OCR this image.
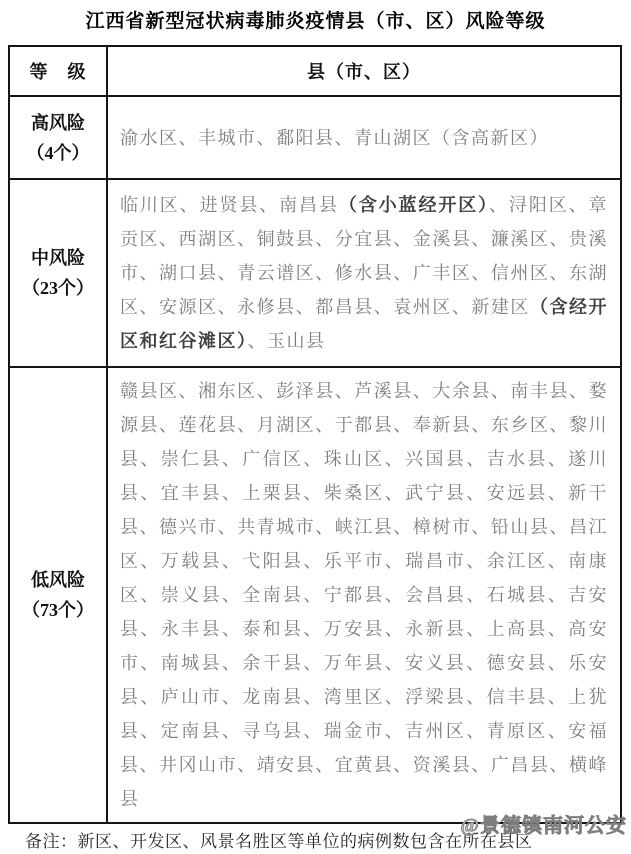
江西省新型冠状病毒肺炎疫情县（市、区）风险等级
等　级	县（市、区）

高风险
（4个）	渝水区、丰城市、鄱阳县、青山湖区（含高新区）

中风险
（23个）	临川区、进贤县、南昌县（含小蓝经开区）、浔阳区、章贡区、西湖区、铜鼓县、分宜县、金溪县、濂溪区、贵溪市、湖口县、青云谱区、修水县、广丰区、信州区、东湖区、安源区、永修县、都昌县、袁州区、新建区（含经开区和红谷滩区）、玉山县

低风险
（73个）	赣县区、湘东区、彭泽县、芦溪县、大余县、南丰县、婺源县、莲花县、月湖区、于都县、奉新县、东乡区、黎川县、崇仁县、广信区、珠山区、兴国县、吉水县、遂川县、宜丰县、上栗县、柴桑区、武宁县、安远县、新干县、德兴市、共青城市、峡江县、樟树市、铅山县、昌江区、万载县、弋阳县、乐平市、瑞昌市、余江区、南康区、崇义县、全南县、宁都县、会昌县、石城县、吉安县、永丰县、泰和县、万安县、永新县、上高县、高安市、南城县、余干县、万年县、安义县、德安县、乐安县、庐山市、龙南县、湾里区、浮梁县、信丰县、上犹县、定南县、寻乌县、瑞金市、吉州区、青原区、安福县、井冈山市、靖安县、宜黄县、资溪县、广昌县、横峰县
备注：新区、开发区、风景名胜区等单位的病例数包含在所在县区
@景德镇南河公安
